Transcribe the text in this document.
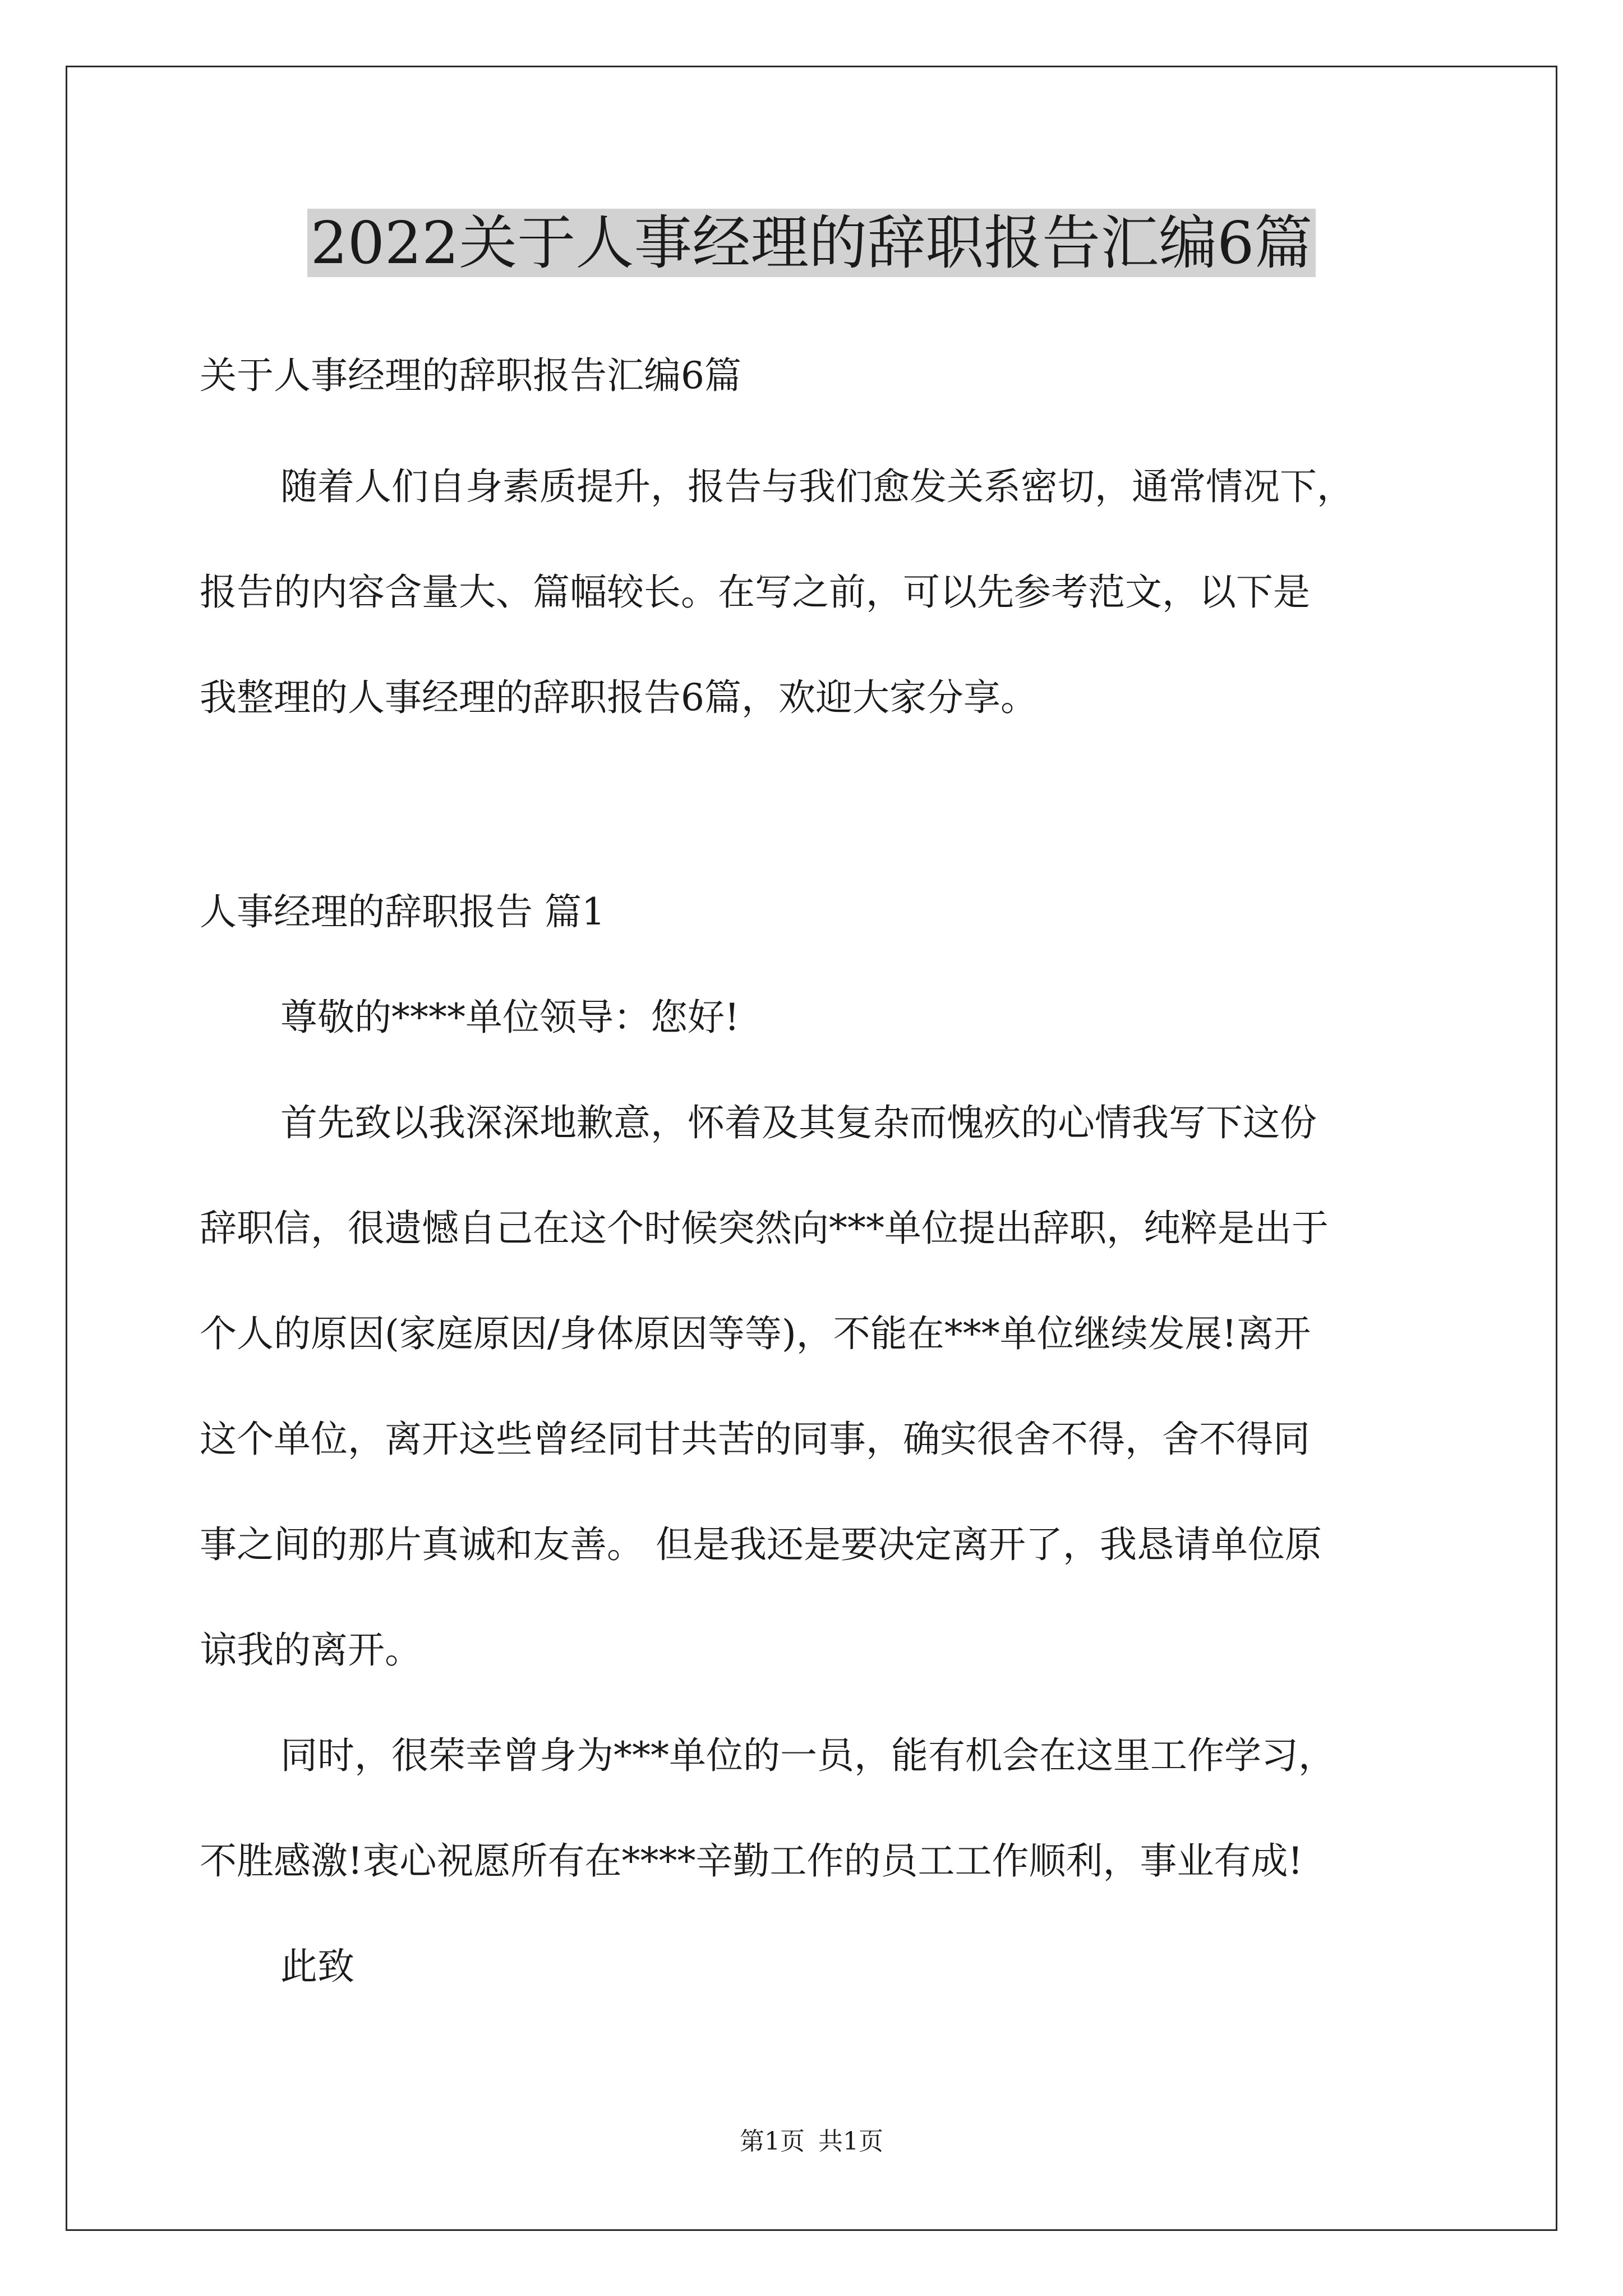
2022关于人事经理的辞职报告汇编6篇

关于人事经理的辞职报告汇编6篇

随着人们自身素质提升，报告与我们愈发关系密切，通常情况下，

报告的内容含量大、篇幅较长。在写之前，可以先参考范文，以下是

我整理的人事经理的辞职报告6篇，欢迎大家分享。

人事经理的辞职报告 篇1

尊敬的****单位领导：您好!

首先致以我深深地歉意，怀着及其复杂而愧疚的心情我写下这份

辞职信，很遗憾自己在这个时候突然向***单位提出辞职，纯粹是出于

个人的原因(家庭原因/身体原因等等)，不能在***单位继续发展!离开

这个单位，离开这些曾经同甘共苦的同事，确实很舍不得，舍不得同

事之间的那片真诚和友善。 但是我还是要决定离开了，我恳请单位原

谅我的离开。

同时，很荣幸曾身为***单位的一员，能有机会在这里工作学习，

不胜感激!衷心祝愿所有在****辛勤工作的员工工作顺利，事业有成!

此致

第1页 共1页
